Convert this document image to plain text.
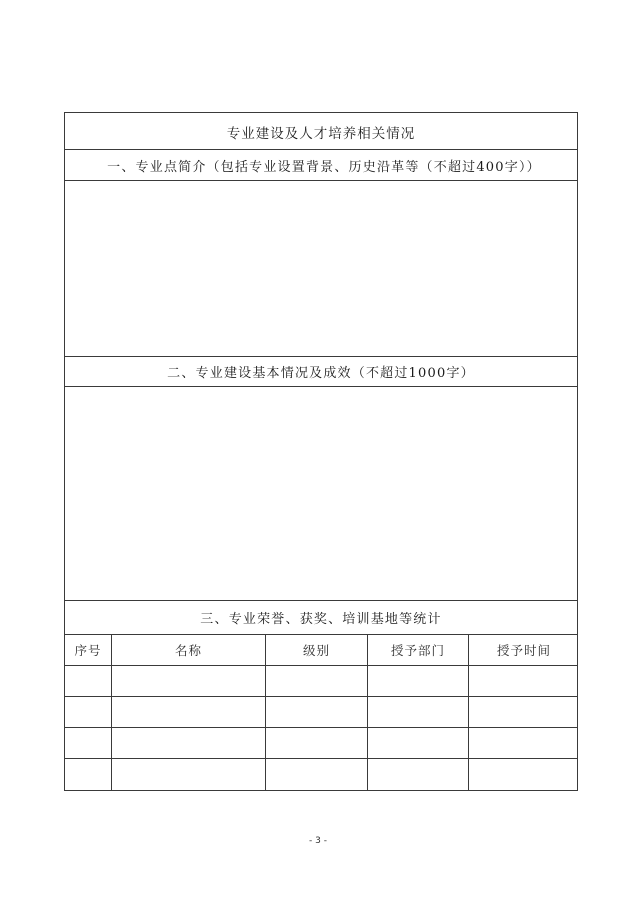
专业建设及人才培养相关情况
一、专业点简介（包括专业设置背景、历史沿革等（不超过400字））
二、专业建设基本情况及成效（不超过1000字）
三、专业荣誉、获奖、培训基地等统计
序号	名称	级别	授予部门	授予时间
- 3 -
